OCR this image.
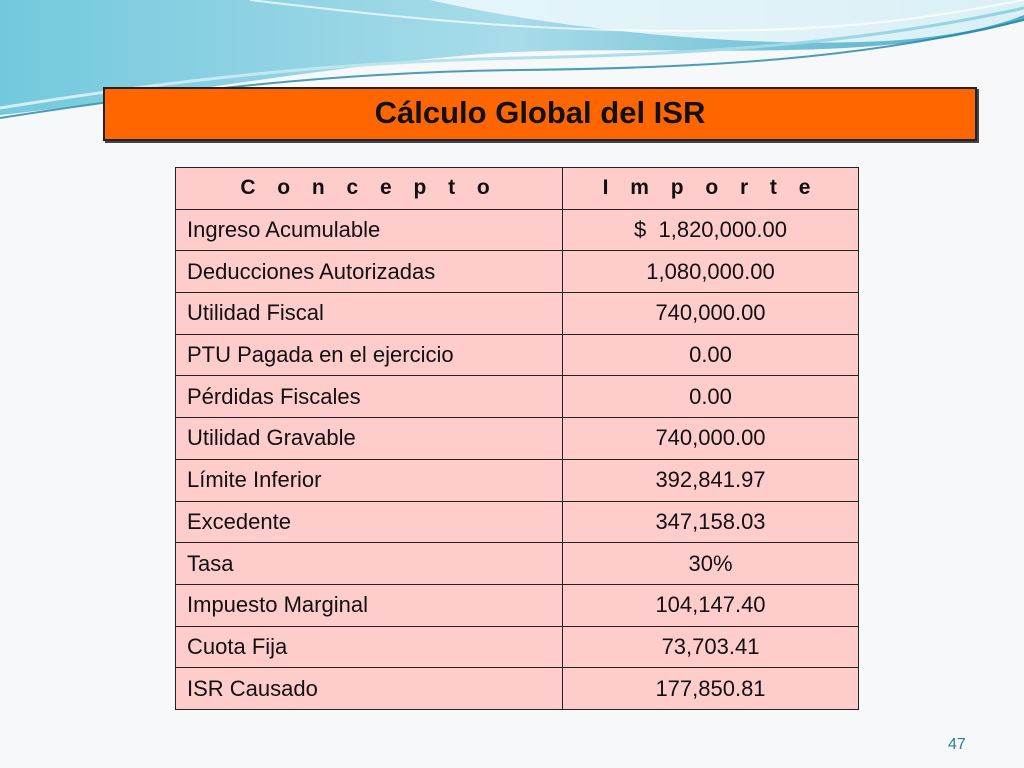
Cálculo Global del ISR
C o n c e p t o	I m p o r t e
Ingreso Acumulable	$  1,820,000.00
Deducciones Autorizadas	1,080,000.00
Utilidad Fiscal	740,000.00
PTU Pagada en el ejercicio	0.00
Pérdidas Fiscales	0.00
Utilidad Gravable	740,000.00
Límite Inferior	392,841.97
Excedente	347,158.03
Tasa	30%
Impuesto Marginal	104,147.40
Cuota Fija	73,703.41
ISR Causado	177,850.81
47
